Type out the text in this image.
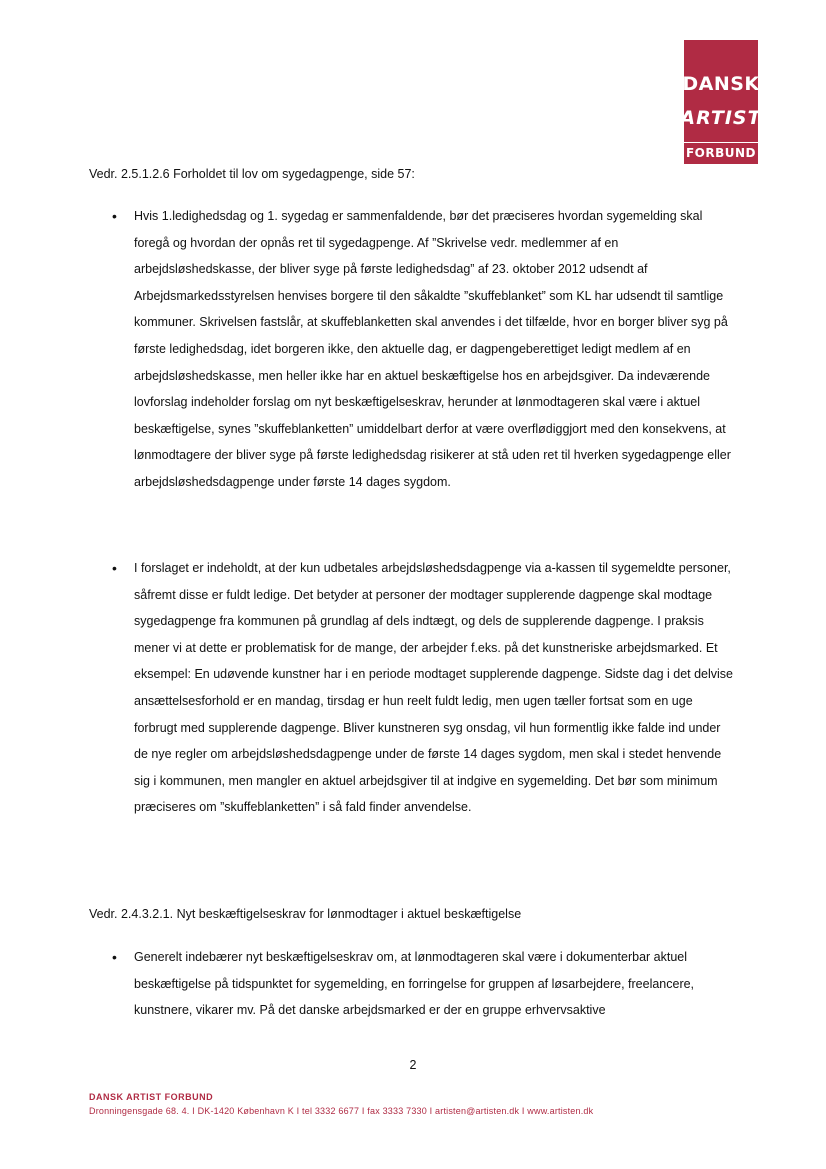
DANSK
ARTIST
FORBUND
Vedr. 2.5.1.2.6 Forholdet til lov om sygedagpenge, side 57:
• Hvis 1.ledighedsdag og 1. sygedag er sammenfaldende, bør det præciseres hvordan sygemelding skal foregå og hvordan der opnås ret til sygedagpenge. Af ”Skrivelse vedr. medlemmer af en arbejdsløshedskasse, der bliver syge på første ledighedsdag” af 23. oktober 2012 udsendt af Arbejdsmarkedsstyrelsen henvises borgere til den såkaldte ”skuffeblanket” som KL har udsendt til samtlige kommuner. Skrivelsen fastslår, at skuffeblanketten skal anvendes i det tilfælde, hvor en borger bliver syg på første ledighedsdag, idet borgeren ikke, den aktuelle dag, er dagpengeberettiget ledigt medlem af en arbejdsløshedskasse, men heller ikke har en aktuel beskæftigelse hos en arbejdsgiver. Da indeværende lovforslag indeholder forslag om nyt beskæftigelseskrav, herunder at lønmodtageren skal være i aktuel beskæftigelse, synes ”skuffeblanketten” umiddelbart derfor at være overflødiggjort med den konsekvens, at lønmodtagere der bliver syge på første ledighedsdag risikerer at stå uden ret til hverken sygedagpenge eller arbejdsløshedsdagpenge under første 14 dages sygdom.
• I forslaget er indeholdt, at der kun udbetales arbejdsløshedsdagpenge via a-kassen til sygemeldte personer, såfremt disse er fuldt ledige. Det betyder at personer der modtager supplerende dagpenge skal modtage sygedagpenge fra kommunen på grundlag af dels indtægt, og dels de supplerende dagpenge. I praksis mener vi at dette er problematisk for de mange, der arbejder f.eks. på det kunstneriske arbejdsmarked. Et eksempel: En udøvende kunstner har i en periode modtaget supplerende dagpenge. Sidste dag i det delvise ansættelsesforhold er en mandag, tirsdag er hun reelt fuldt ledig, men ugen tæller fortsat som en uge forbrugt med supplerende dagpenge. Bliver kunstneren syg onsdag, vil hun formentlig ikke falde ind under de nye regler om arbejdsløshedsdagpenge under de første 14 dages sygdom, men skal i stedet henvende sig i kommunen, men mangler en aktuel arbejdsgiver til at indgive en sygemelding. Det bør som minimum præciseres om ”skuffeblanketten” i så fald finder anvendelse.
Vedr. 2.4.3.2.1. Nyt beskæftigelseskrav for lønmodtager i aktuel beskæftigelse
• Generelt indebærer nyt beskæftigelseskrav om, at lønmodtageren skal være i dokumenterbar aktuel beskæftigelse på tidspunktet for sygemelding, en forringelse for gruppen af løsarbejdere, freelancere, kunstnere, vikarer mv. På det danske arbejdsmarked er der en gruppe erhvervsaktive
2
DANSK ARTIST FORBUND
Dronningensgade 68. 4. I DK-1420 København K I tel 3332 6677 I fax 3333 7330 I artisten@artisten.dk I www.artisten.dk
